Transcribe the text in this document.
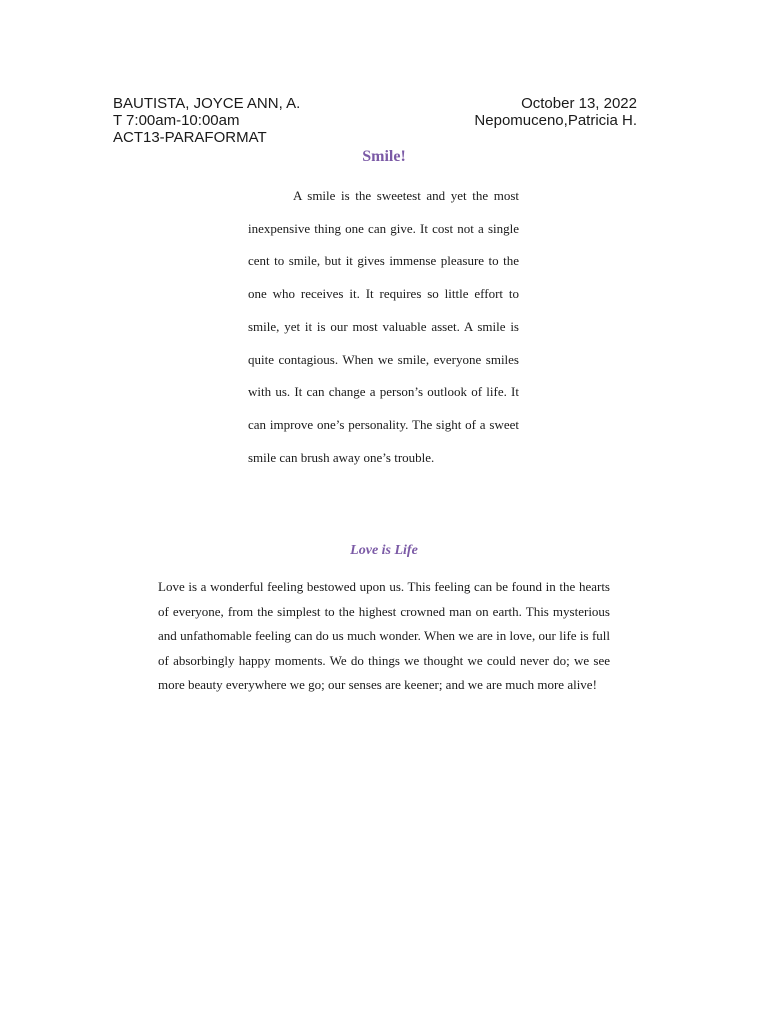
BAUTISTA, JOYCE ANN, A.
T 7:00am-10:00am
ACT13-PARAFORMAT
October 13, 2022
Nepomuceno,Patricia H.
Smile!

A smile is the sweetest and yet the most inexpensive thing one can give. It cost not a single cent to smile, but it gives immense pleasure to the one who receives it. It requires so little effort to smile, yet it is our most valuable asset. A smile is quite contagious. When we smile, everyone smiles with us. It can change a person’s outlook of life. It can improve one’s personality. The sight of a sweet smile can brush away one’s trouble.

Love is Life

Love is a wonderful feeling bestowed upon us. This feeling can be found in the hearts of everyone, from the simplest to the highest crowned man on earth. This mysterious and unfathomable feeling can do us much wonder. When we are in love, our life is full of absorbingly happy moments. We do things we thought we could never do; we see more beauty everywhere we go; our senses are keener; and we are much more alive!
